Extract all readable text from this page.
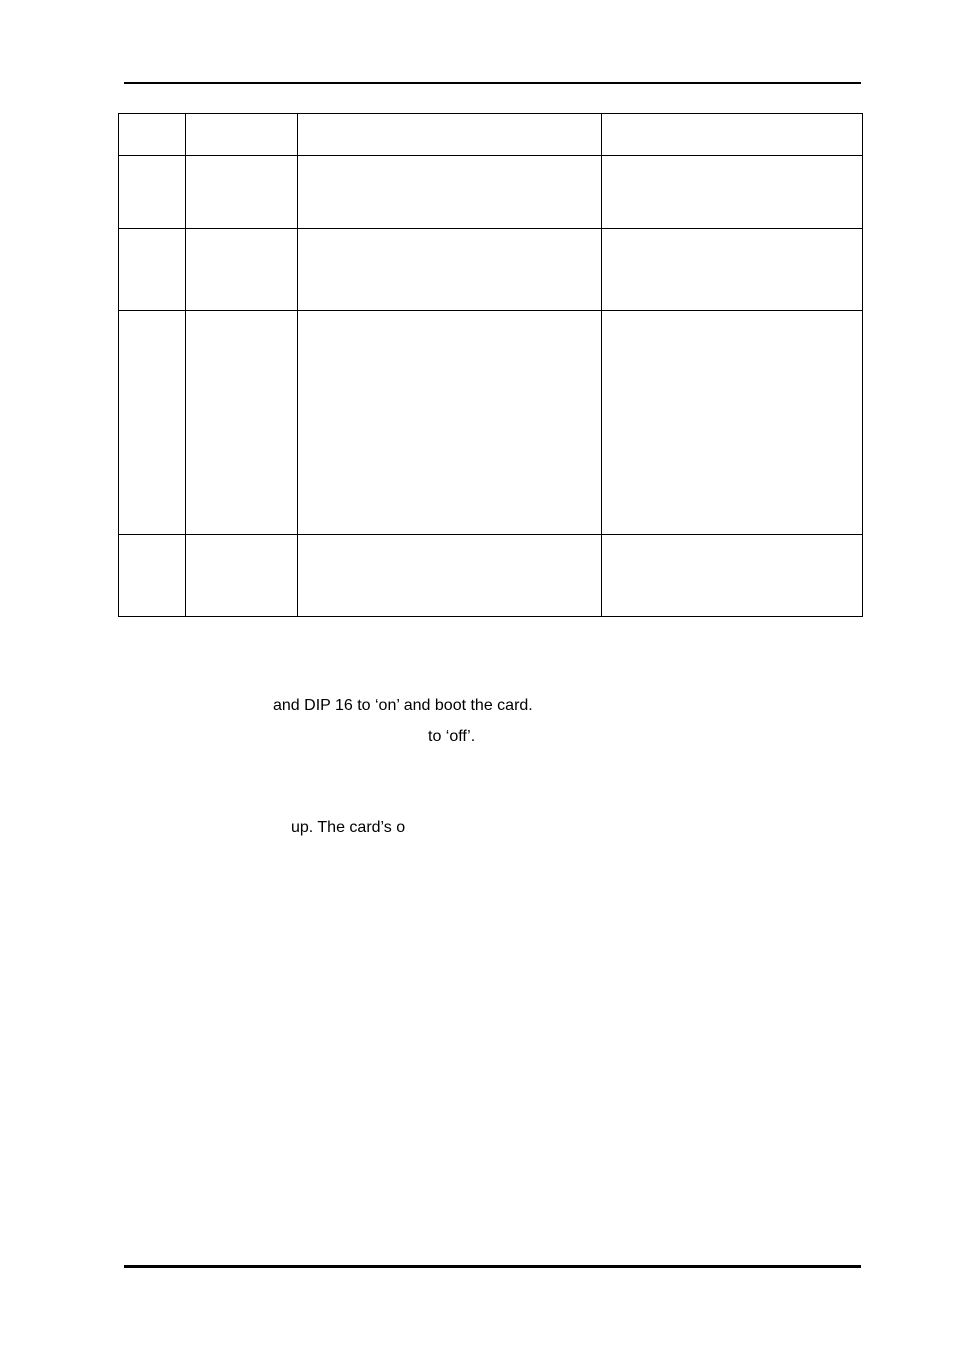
and DIP 16 to ‘on’ and boot the card.
to ‘off’.
up. The card’s o
